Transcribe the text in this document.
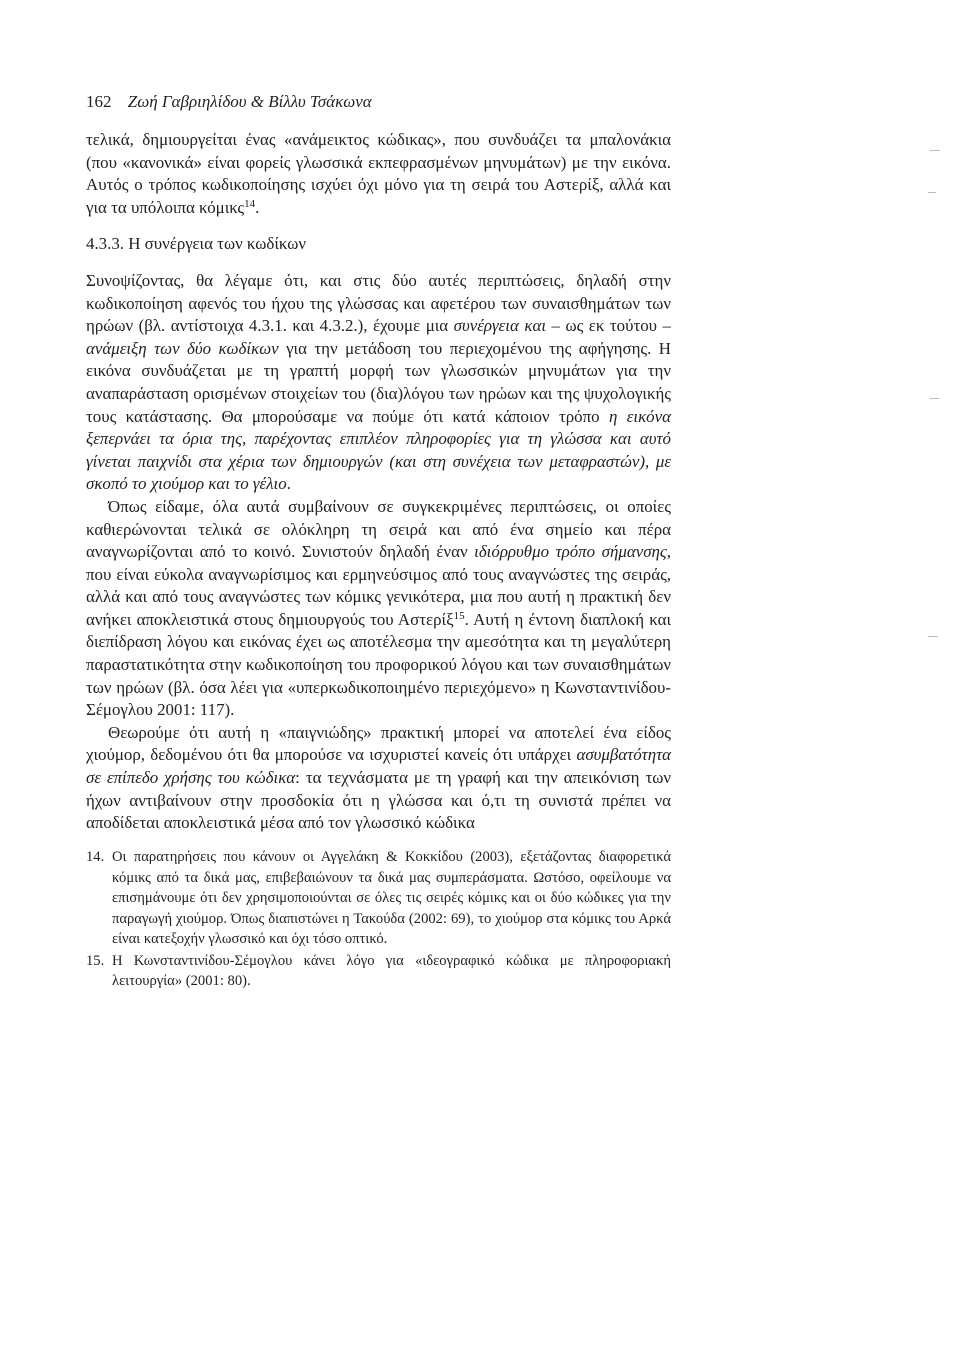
162 Ζωή Γαβριηλίδου & Βίλλυ Τσάκωνα

τελικά, δημιουργείται ένας «ανάμεικτος κώδικας», που συνδυάζει τα μπαλονάκια (που «κανονικά» είναι φορείς γλωσσικά εκπεφρασμένων μηνυμάτων) με την εικόνα. Αυτός ο τρόπος κωδικοποίησης ισχύει όχι μόνο για τη σειρά του Αστερίξ, αλλά και για τα υπόλοιπα κόμικς$^{14}$.

4.3.3. Η συνέργεια των κωδίκων

Συνοψίζοντας, θα λέγαμε ότι, και στις δύο αυτές περιπτώσεις, δηλαδή στην κωδικοποίηση αφενός του ήχου της γλώσσας και αφετέρου των συναισθημάτων των ηρώων (βλ. αντίστοιχα 4.3.1. και 4.3.2.), έχουμε μια συνέργεια και – ως εκ τούτου – ανάμειξη των δύο κωδίκων για την μετάδοση του περιεχομένου της αφήγησης. Η εικόνα συνδυάζεται με τη γραπτή μορφή των γλωσσικών μηνυμάτων για την αναπαράσταση ορισμένων στοιχείων του (δια)λόγου των ηρώων και της ψυχολογικής τους κατάστασης. Θα μπορούσαμε να πούμε ότι κατά κάποιον τρόπο η εικόνα ξεπερνάει τα όρια της, παρέχοντας επιπλέον πληροφορίες για τη γλώσσα και αυτό γίνεται παιχνίδι στα χέρια των δημιουργών (και στη συνέχεια των μεταφραστών), με σκοπό το χιούμορ και το γέλιο.

Όπως είδαμε, όλα αυτά συμβαίνουν σε συγκεκριμένες περιπτώσεις, οι οποίες καθιερώνονται τελικά σε ολόκληρη τη σειρά και από ένα σημείο και πέρα αναγνωρίζονται από το κοινό. Συνιστούν δηλαδή έναν ιδιόρρυθμο τρόπο σήμανσης, που είναι εύκολα αναγνωρίσιμος και ερμηνεύσιμος από τους αναγνώστες της σειράς, αλλά και από τους αναγνώστες των κόμικς γενικότερα, μια που αυτή η πρακτική δεν ανήκει αποκλειστικά στους δημιουργούς του Αστερίξ$^{15}$. Αυτή η έντονη διαπλοκή και διεπίδραση λόγου και εικόνας έχει ως αποτέλεσμα την αμεσότητα και τη μεγαλύτερη παραστατικότητα στην κωδικοποίηση του προφορικού λόγου και των συναισθημάτων των ηρώων (βλ. όσα λέει για «υπερκωδικοποιημένο περιεχόμενο» η Κωνσταντινίδου-Σέμογλου 2001: 117).

Θεωρούμε ότι αυτή η «παιγνιώδης» πρακτική μπορεί να αποτελεί ένα είδος χιούμορ, δεδομένου ότι θα μπορούσε να ισχυριστεί κανείς ότι υπάρχει ασυμβατότητα σε επίπεδο χρήσης του κώδικα: τα τεχνάσματα με τη γραφή και την απεικόνιση των ήχων αντιβαίνουν στην προσδοκία ότι η γλώσσα και ό,τι τη συνιστά πρέπει να αποδίδεται αποκλειστικά μέσα από τον γλωσσικό κώδικα

14. Οι παρατηρήσεις που κάνουν οι Αγγελάκη & Κοκκίδου (2003), εξετάζοντας διαφορετικά κόμικς από τα δικά μας, επιβεβαιώνουν τα δικά μας συμπεράσματα. Ωστόσο, οφείλουμε να επισημάνουμε ότι δεν χρησιμοποιούνται σε όλες τις σειρές κόμικς και οι δύο κώδικες για την παραγωγή χιούμορ. Όπως διαπιστώνει η Τακούδα (2002: 69), το χιούμορ στα κόμικς του Αρκά είναι κατεξοχήν γλωσσικό και όχι τόσο οπτικό.
15. Η Κωνσταντινίδου-Σέμογλου κάνει λόγο για «ιδεογραφικό κώδικα με πληροφοριακή λειτουργία» (2001: 80).
